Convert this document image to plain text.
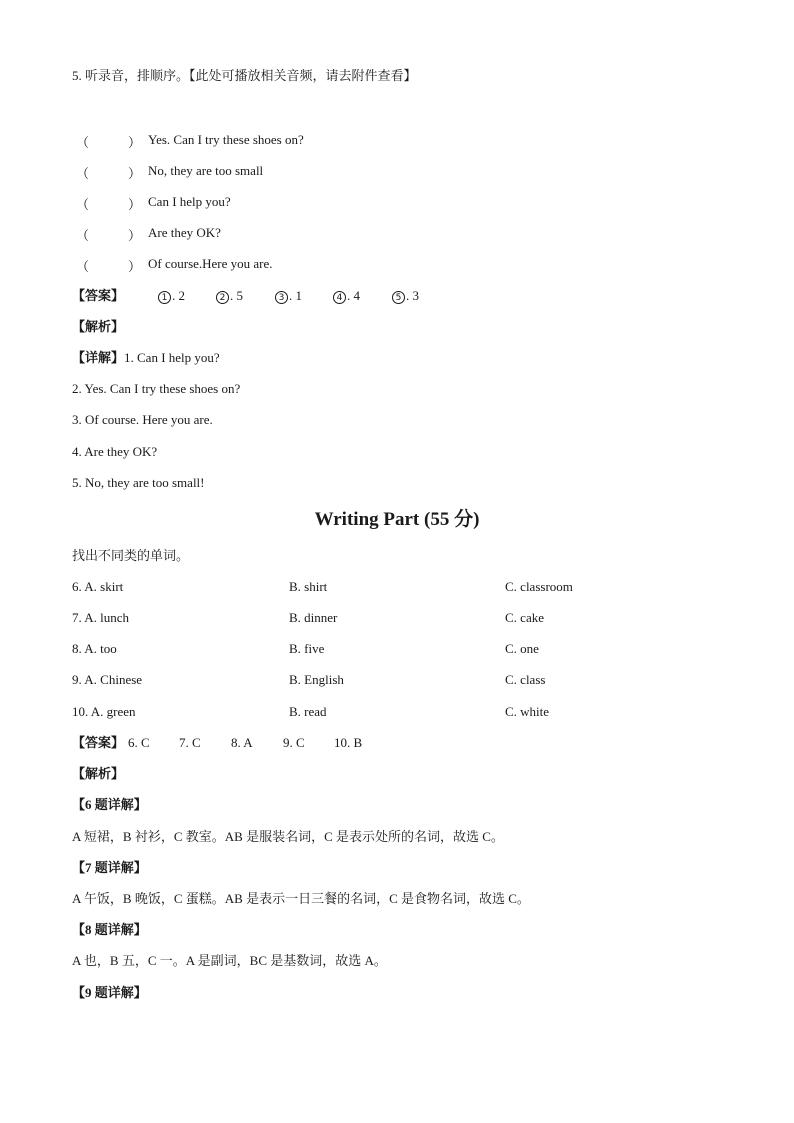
5. 听录音，排顺序。【此处可播放相关音频，请去附件查看】
（	） Yes. Can I try these shoes on?
（	） No, they are too small
（	） Can I help you?
（	） Are they OK?
（	） Of course.Here you are.
【答案】	1 . 2	2 . 5	3 . 1	4 . 4	5 . 3
【解析】
【详解】1. Can I help you?
2. Yes. Can I try these shoes on?
3. Of course. Here you are.
4. Are they OK?
5. No, they are too small!
Writing Part (55 分)
找出不同类的单词。
6. A. skirt	B. shirt	C. classroom
7. A. lunch	B. dinner	C. cake
8. A. too	B. five	C. one
9. A. Chinese	B. English	C. class
10. A. green	B. read	C. white
【答案】 6. C 7. C 8. A 9. C 10. B
【解析】
【6 题详解】
A 短裙，B 衬衫，C 教室。AB 是服装名词，C 是表示处所的名词，故选 C。
【7 题详解】
A 午饭，B 晚饭，C 蛋糕。AB 是表示一日三餐的名词，C 是食物名词，故选 C。
【8 题详解】
A 也，B 五，C 一。A 是副词，BC 是基数词，故选 A。
【9 题详解】
